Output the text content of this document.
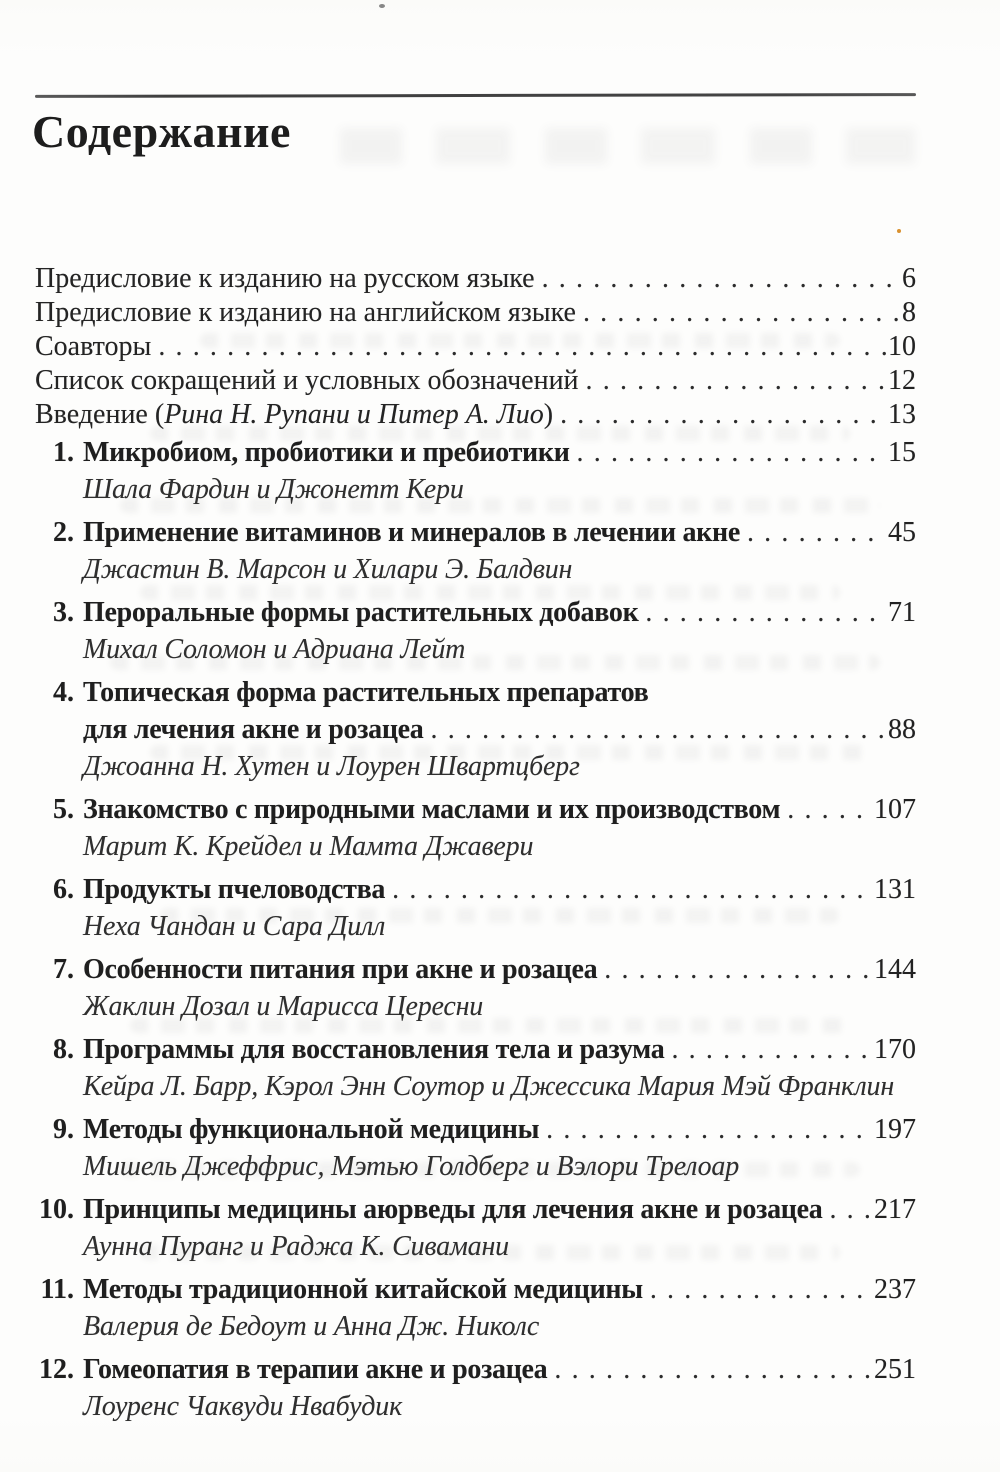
Содержание
Предисловие к изданию на русском языке . . .	6
Предисловие к изданию на английском языке . . .	8
Соавторы . . .	10
Список сокращений и условных обозначений . . .	12
Введение (Рина Н. Рупани и Питер А. Лио) . . .	13
1. Микробиом, пробиотики и пребиотики . . .	15
Шала Фардин и Джонетт Кери
2. Применение витаминов и минералов в лечении акне . . .	45
Джастин В. Марсон и Хилари Э. Балдвин
3. Пероральные формы растительных добавок . . .	71
Михал Соломон и Адриана Лейт
4. Топическая форма растительных препаратов
для лечения акне и розацеа . . .	88
Джоанна Н. Хутен и Лоурен Швартцберг
5. Знакомство с природными маслами и их производством . . .	107
Марит К. Крейдел и Мамта Джавери
6. Продукты пчеловодства . . .	131
Неха Чандан и Сара Дилл
7. Особенности питания при акне и розацеа . . .	144
Жаклин Дозал и Марисса Цересни
8. Программы для восстановления тела и разума . . .	170
Кейра Л. Барр, Кэрол Энн Соутор и Джессика Мария Мэй Франклин
9. Методы функциональной медицины . . .	197
Мишель Джеффрис, Мэтью Голдберг и Вэлори Трелоар
10. Принципы медицины аюрведы для лечения акне и розацеа . . . 217
Аунна Пуранг и Раджа К. Сивамани
11. Методы традиционной китайской медицины . . .	237
Валерия де Бедоут и Анна Дж. Николс
12. Гомеопатия в терапии акне и розацеа . . .	251
Лоуренс Чаквуди Нвабудик
